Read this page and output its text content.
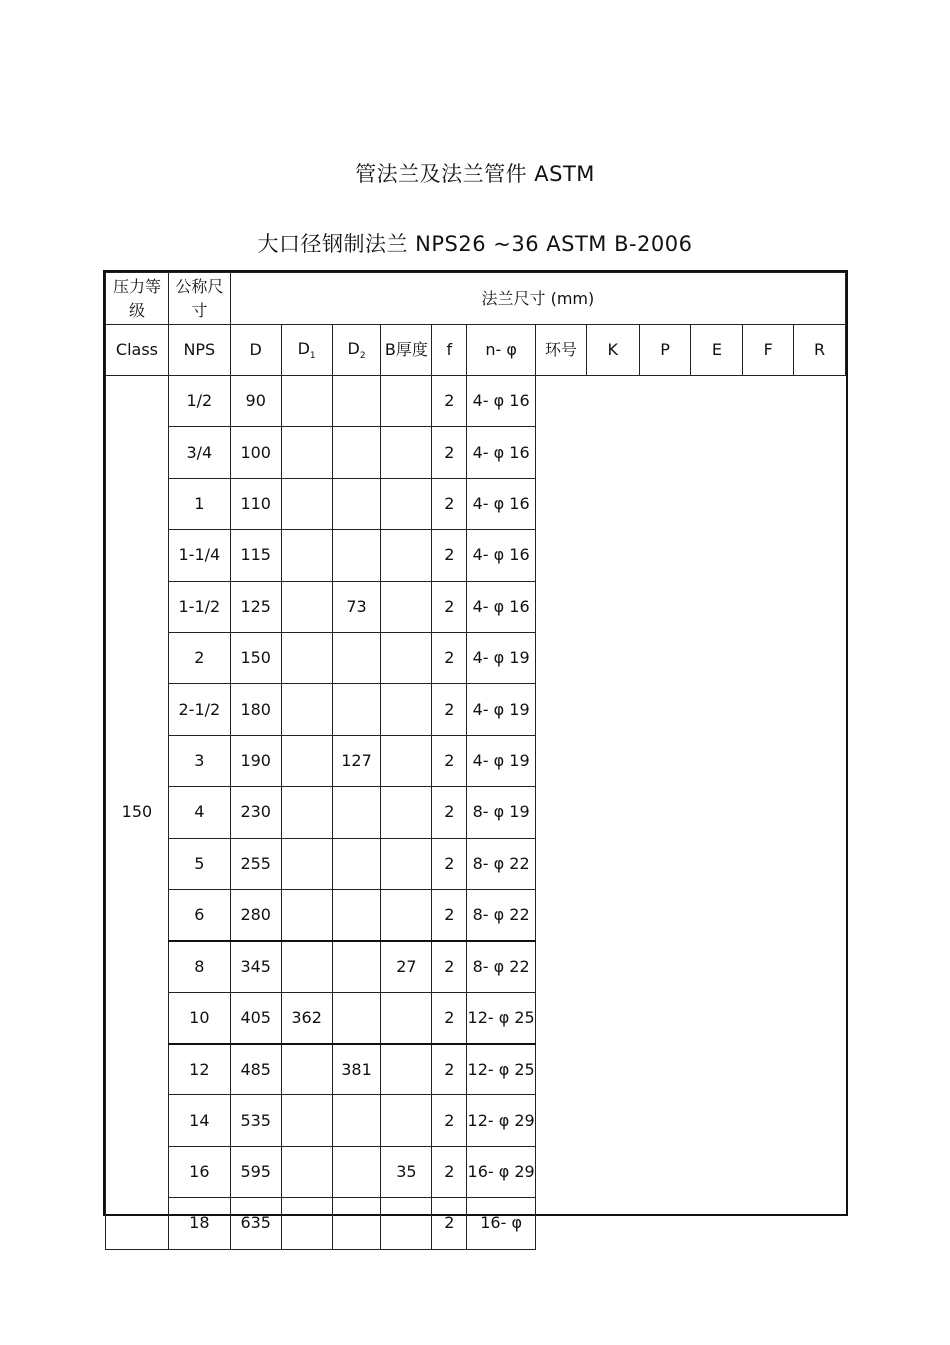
管法兰及法兰管件 ASTM
大口径钢制法兰 NPS26 ~36 ASTM B-2006
压力等级	公称尺寸	法兰尺寸 (mm)											
Class	NPS	D	$D_1$	$D_2$	B厚度	f	n- φ	环号	K	P	E	F	R
150	1/2	90				2	4- φ 16						
	3/4	100				2	4- φ 16						
	1	110				2	4- φ 16						
	1-1/4	115				2	4- φ 16						
	1-1/2	125		73		2	4- φ 16						
	2	150				2	4- φ 19						
	2-1/2	180				2	4- φ 19						
	3	190		127		2	4- φ 19						
	4	230				2	8- φ 19						
	5	255				2	8- φ 22						
	6	280				2	8- φ 22						
	8	345			27	2	8- φ 22						
	10	405	362			2	12- φ 25						
	12	485		381		2	12- φ 25						
	14	535				2	12- φ 29						
	16	595			35	2	16- φ 29						
	18	635				2	16- φ						
